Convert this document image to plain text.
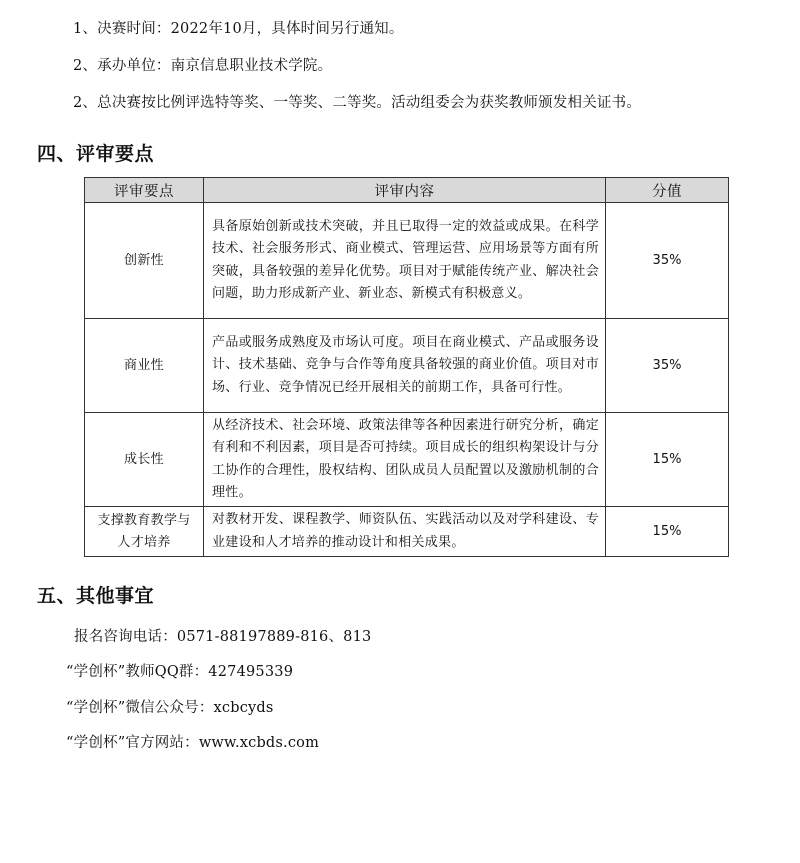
1、决赛时间：2022年10月，具体时间另行通知。
2、承办单位：南京信息职业技术学院。
2、总决赛按比例评选特等奖、一等奖、二等奖。活动组委会为获奖教师颁发相关证书。
四、评审要点
评审要点	评审内容	分值
创新性	具备原始创新或技术突破，并且已取得一定的效益或成果。在科学技术、社会服务形式、商业模式、管理运营、应用场景等方面有所突破，具备较强的差异化优势。项目对于赋能传统产业、解决社会问题，助力形成新产业、新业态、新模式有积极意义。	35%
商业性	产品或服务成熟度及市场认可度。项目在商业模式、产品或服务设计、技术基础、竞争与合作等角度具备较强的商业价值。项目对市场、行业、竞争情况已经开展相关的前期工作，具备可行性。	35%
成长性	从经济技术、社会环境、政策法律等各种因素进行研究分析，确定有利和不利因素，项目是否可持续。项目成长的组织构架设计与分工协作的合理性，股权结构、团队成员人员配置以及激励机制的合理性。	15%
支撑教育教学与人才培养	对教材开发、课程教学、师资队伍、实践活动以及对学科建设、专业建设和人才培养的推动设计和相关成果。	15%
五、其他事宜
报名咨询电话：0571-88197889-816、813
“学创杯”教师QQ群：427495339
“学创杯”微信公众号：xcbcyds
“学创杯”官方网站：www.xcbds.com
